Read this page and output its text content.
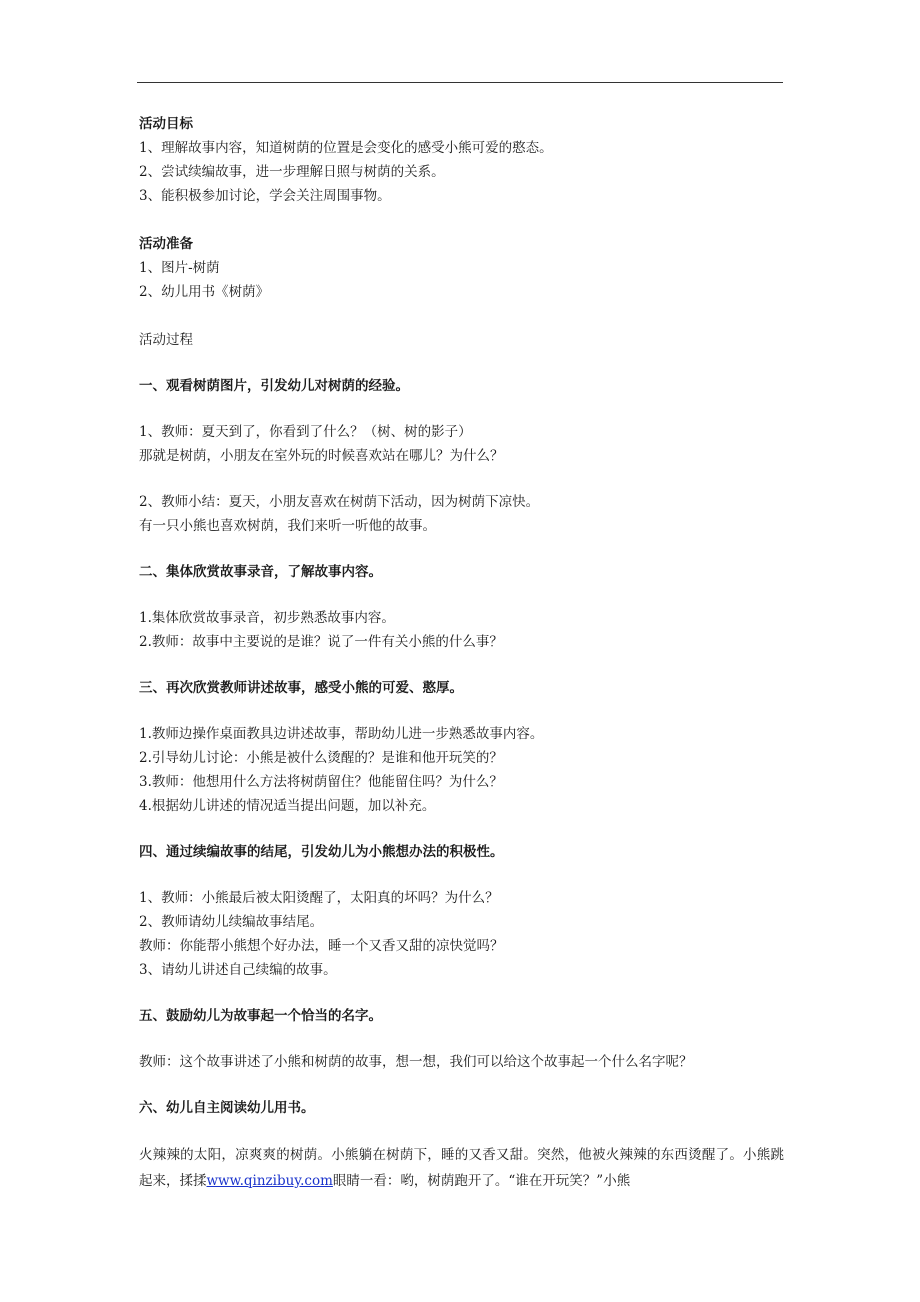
活动目标
1、理解故事内容，知道树荫的位置是会变化的感受小熊可爱的憨态。
2、尝试续编故事，进一步理解日照与树荫的关系。
3、能积极参加讨论，学会关注周围事物。
活动准备
1、图片-树荫
2、幼儿用书《树荫》
活动过程
一、观看树荫图片，引发幼儿对树荫的经验。
1、教师：夏天到了，你看到了什么？（树、树的影子）
那就是树荫，小朋友在室外玩的时候喜欢站在哪儿？为什么？
2、教师小结：夏天，小朋友喜欢在树荫下活动，因为树荫下凉快。
有一只小熊也喜欢树荫，我们来听一听他的故事。
二、集体欣赏故事录音，了解故事内容。
1.集体欣赏故事录音，初步熟悉故事内容。
2.教师：故事中主要说的是谁？说了一件有关小熊的什么事？
三、再次欣赏教师讲述故事，感受小熊的可爱、憨厚。
1.教师边操作桌面教具边讲述故事，帮助幼儿进一步熟悉故事内容。
2.引导幼儿讨论：小熊是被什么烫醒的？是谁和他开玩笑的？
3.教师：他想用什么方法将树荫留住？他能留住吗？为什么？
4.根据幼儿讲述的情况适当提出问题，加以补充。
四、通过续编故事的结尾，引发幼儿为小熊想办法的积极性。
1、教师：小熊最后被太阳烫醒了，太阳真的坏吗？为什么？
2、教师请幼儿续编故事结尾。
教师：你能帮小熊想个好办法，睡一个又香又甜的凉快觉吗？
3、请幼儿讲述自己续编的故事。
五、鼓励幼儿为故事起一个恰当的名字。
教师：这个故事讲述了小熊和树荫的故事，想一想，我们可以给这个故事起一个什么名字呢？
六、幼儿自主阅读幼儿用书。
火辣辣的太阳，凉爽爽的树荫。小熊躺在树荫下，睡的又香又甜。突然，他被火辣辣的东西烫醒了。小熊跳起来，揉揉www.qinzibuy.com眼睛一看：哟，树荫跑开了。“谁在开玩笑？”小熊
